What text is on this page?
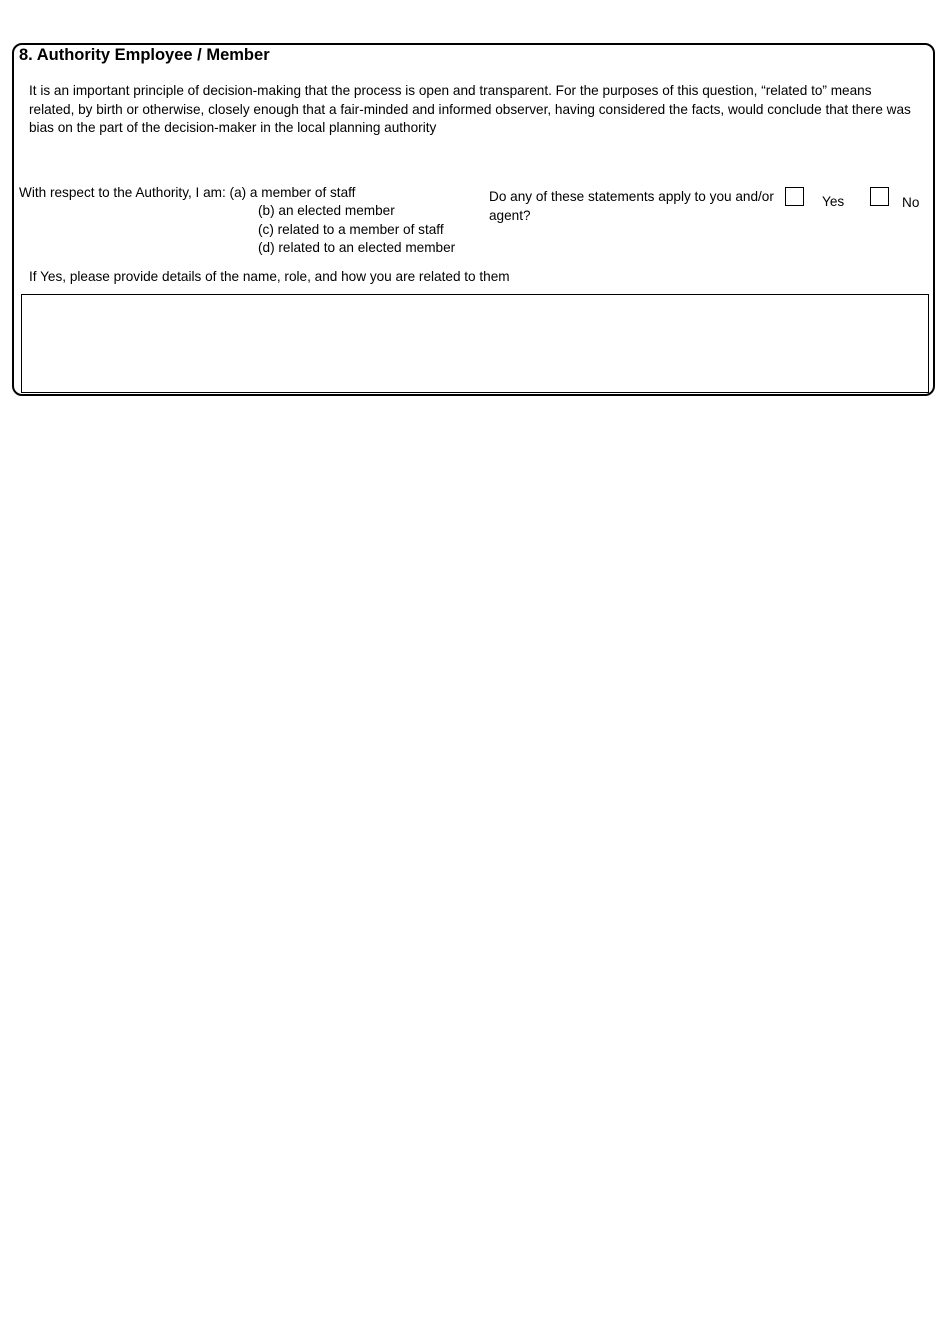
8. Authority Employee / Member
It is an important principle of decision-making that the process is open and transparent. For the purposes of this question, “related to” means related, by birth or otherwise, closely enough that a fair-minded and informed observer, having considered the facts, would conclude that there was bias on the part of the decision-maker in the local planning authority
With respect to the Authority, I am: (a) a member of staff
(b) an elected member
(c) related to a member of staff
(d) related to an elected member
Do any of these statements apply to you and/or agent?
Yes	No
If Yes, please provide details of the name, role, and how you are related to them
